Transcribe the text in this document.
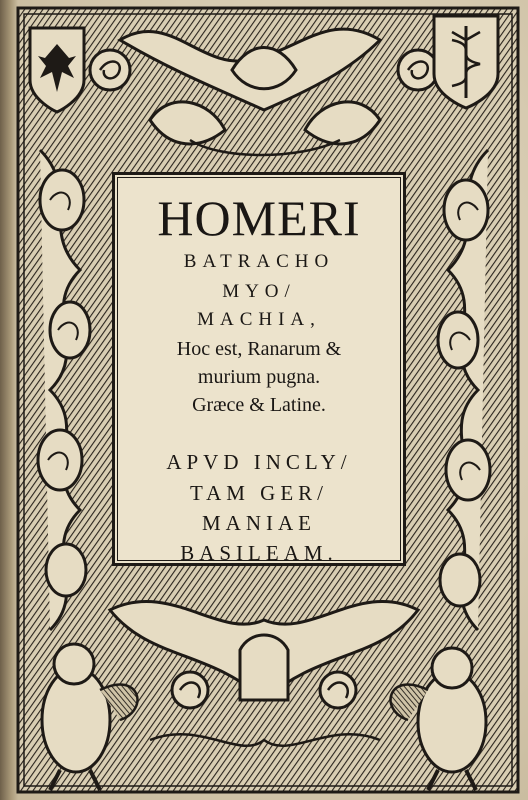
HOMERI
BATRACHO
MYO/
MACHIA,
Hoc est, Ranarum &
murium pugna.
Græce & Latine.
APVD INCLY/
TAM GER/
MANIAE
BASILEAM.
